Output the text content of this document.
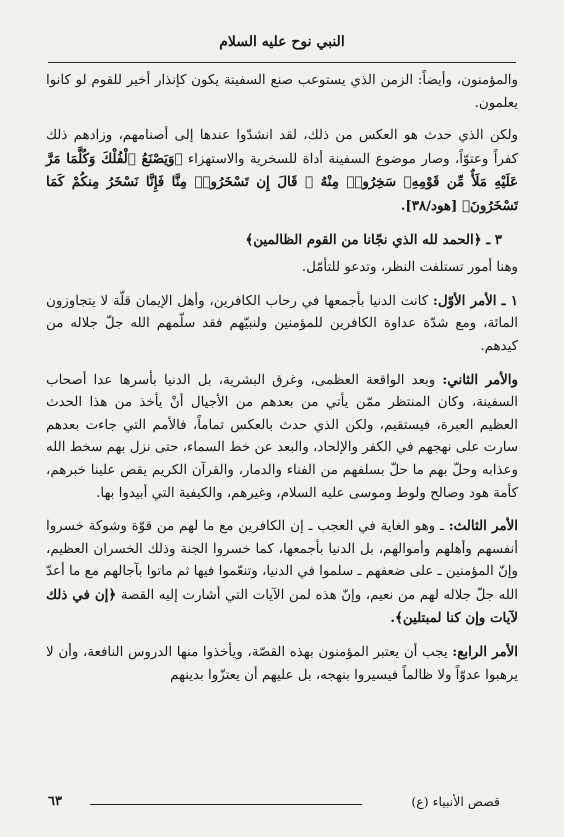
النبي نوح عليه السلام

والمؤمنون، وأيضاً: الزمن الذي يستوعب صنع السفينة يكون كإنذار أخير للقوم لو كانوا يعلمون.

ولكن الذي حدث هو العكس من ذلك، لقد انشدّوا عندها إلى أصنامهم، وزادهم ذلك كفراً وعتوّاً، وصار موضوع السفينة أداة للسخرية والاستهزاء ﴿وَيَصْنَعُ ٱلْفُلْكَ وَكُلَّمَا مَرَّ عَلَيْهِ مَلَأٌ مِّن قَوْمِهِۦ سَخِرُوا۟ مِنْهُ ۚ قَالَ إِن تَسْخَرُوا۟ مِنَّا فَإِنَّا نَسْخَرُ مِنكُمْ كَمَا تَسْخَرُونَ﴾ [هود/٣٨].

٣ ـ ﴿الحمد لله الذي نجّانا من القوم الظالمين﴾

وهنا أمور تستلفت النظر، وتدعو للتأمّل.

١ ـ الأمر الأوّل: كانت الدنيا بأجمعها في رحاب الكافرين، وأهل الإيمان قلّة لا يتجاوزون المائة، ومع شدّة عداوة الكافرين للمؤمنين ولنبيّهم فقد سلّمهم الله جلّ جلاله من كيدهم.

والأمر الثاني: وبعد الواقعة العظمى، وغرق البشرية، بل الدنيا بأسرها عدا أصحاب السفينة، وكان المنتظر ممّن يأتي من بعدهم من الأجيال أنْ يأخذ من هذا الحدث العظيم العبرة، فيستقيم، ولكن الذي حدث بالعكس تماماً، فالأمم التي جاءت بعدهم سارت على نهجهم في الكفر والإلحاد، والبعد عن خط السماء، حتى نزل بهم سخط الله وعذابه وحلّ بهم ما حلّ بسلفهم من الفناء والدمار، والقرآن الكريم يقص علينا خبرهم، كأمة هود وصالح ولوط وموسى عليه السلام، وغيرهم، والكيفية التي أبيدوا بها.

الأمر الثالث: ـ وهو الغاية في العجب ـ إن الكافرين مع ما لهم من قوّة وشوكة خسروا أنفسهم وأهلهم وأموالهم، بل الدنيا بأجمعها، كما خسروا الجنة وذلك الخسران العظيم، وإنّ المؤمنين ـ على ضعفهم ـ سلموا في الدنيا، وتنعّموا فيها ثم ماتوا بآجالهم مع ما أعدّ الله جلّ جلاله لهم من نعيم، وإنّ هذه لمن الآيات التي أشارت إليه القصة ﴿إن في ذلك لآيات وإن كنا لمبتلين﴾.

الأمر الرابع: يجب أن يعتبر المؤمنون بهذه القصّة، ويأخذوا منها الدروس النافعة، وأن لا يرهبوا عدوّاً ولا ظالماً فيسيروا بنهجه، بل عليهم أن يعتزّوا بدينهم

قصص الأنبياء (ع)
٦٣
